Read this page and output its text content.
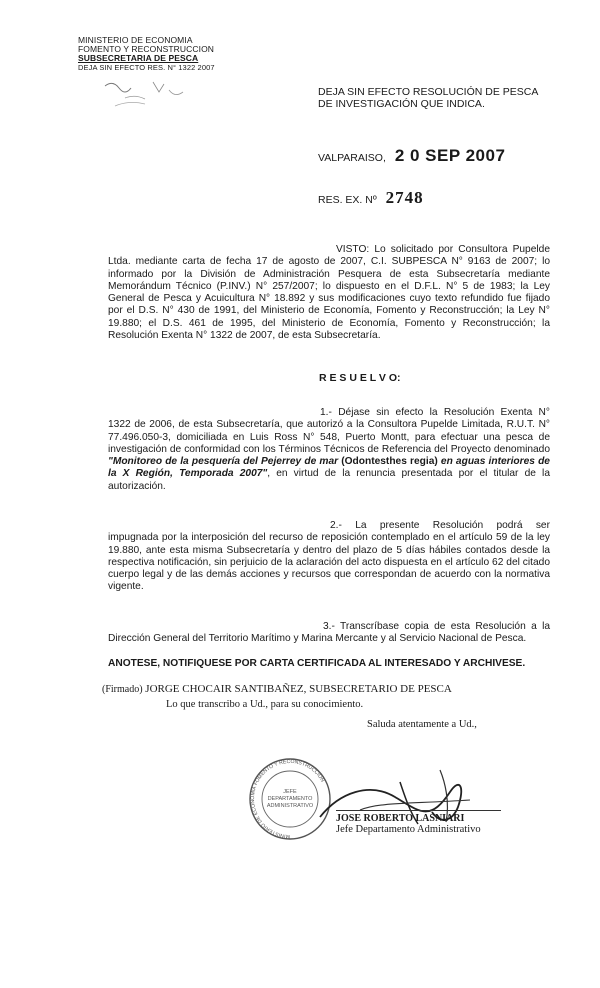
MINISTERIO DE ECONOMIA
FOMENTO Y RECONSTRUCCION
SUBSECRETARIA DE PESCA
DEJA SIN EFECTO RES. N° 1322 2007
DEJA SIN EFECTO RESOLUCIÓN DE PESCA
DE INVESTIGACIÓN QUE INDICA.
VALPARAISO, 2 0 SEP 2007
RES. EX. Nº 2748

VISTO: Lo solicitado por Consultora Pupelde Ltda. mediante carta de fecha 17 de agosto de 2007, C.I. SUBPESCA N° 9163 de 2007; lo informado por la División de Administración Pesquera de esta Subsecretaría mediante Memorándum Técnico (P.INV.) N° 257/2007; lo dispuesto en el D.F.L. N° 5 de 1983; la Ley General de Pesca y Acuicultura N° 18.892 y sus modificaciones cuyo texto refundido fue fijado por el D.S. N° 430 de 1991, del Ministerio de Economía, Fomento y Reconstrucción; la Ley N° 19.880; el D.S. 461 de 1995, del Ministerio de Economía, Fomento y Reconstrucción; la Resolución Exenta N° 1322 de 2007, de esta Subsecretaría.

R E S U E L V O:

1.- Déjase sin efecto la Resolución Exenta N° 1322 de 2006, de esta Subsecretaría, que autorizó a la Consultora Pupelde Limitada, R.U.T. N° 77.496.050-3, domiciliada en Luis Ross N° 548, Puerto Montt, para efectuar una pesca de investigación de conformidad con los Términos Técnicos de Referencia del Proyecto denominado "Monitoreo de la pesquería del Pejerrey de mar (Odontesthes regia) en aguas interiores de la X Región, Temporada 2007", en virtud de la renuncia presentada por el titular de la autorización.

2.- La presente Resolución podrá ser impugnada por la interposición del recurso de reposición contemplado en el artículo 59 de la ley 19.880, ante esta misma Subsecretaría y dentro del plazo de 5 días hábiles contados desde la respectiva notificación, sin perjuicio de la aclaración del acto dispuesta en el artículo 62 del citado cuerpo legal y de las demás acciones y recursos que correspondan de acuerdo con la normativa vigente.

3.- Transcríbase copia de esta Resolución a la Dirección General del Territorio Marítimo y Marina Mercante y al Servicio Nacional de Pesca.

ANOTESE, NOTIFIQUESE POR CARTA CERTIFICADA AL INTERESADO Y ARCHIVESE.
(Firmado) JORGE CHOCAIR SANTIBAÑEZ, SUBSECRETARIO DE PESCA
Lo que transcribo a Ud., para su conocimiento.
Saluda atentamente a Ud.,
MINISTERIO DE ECONOMIA FOMENTO Y RECONSTRUCCION
JEFE
DEPARTAMENTO
ADMINISTRATIVO
JOSE ROBERTO LASNIARI
Jefe Departamento Administrativo
